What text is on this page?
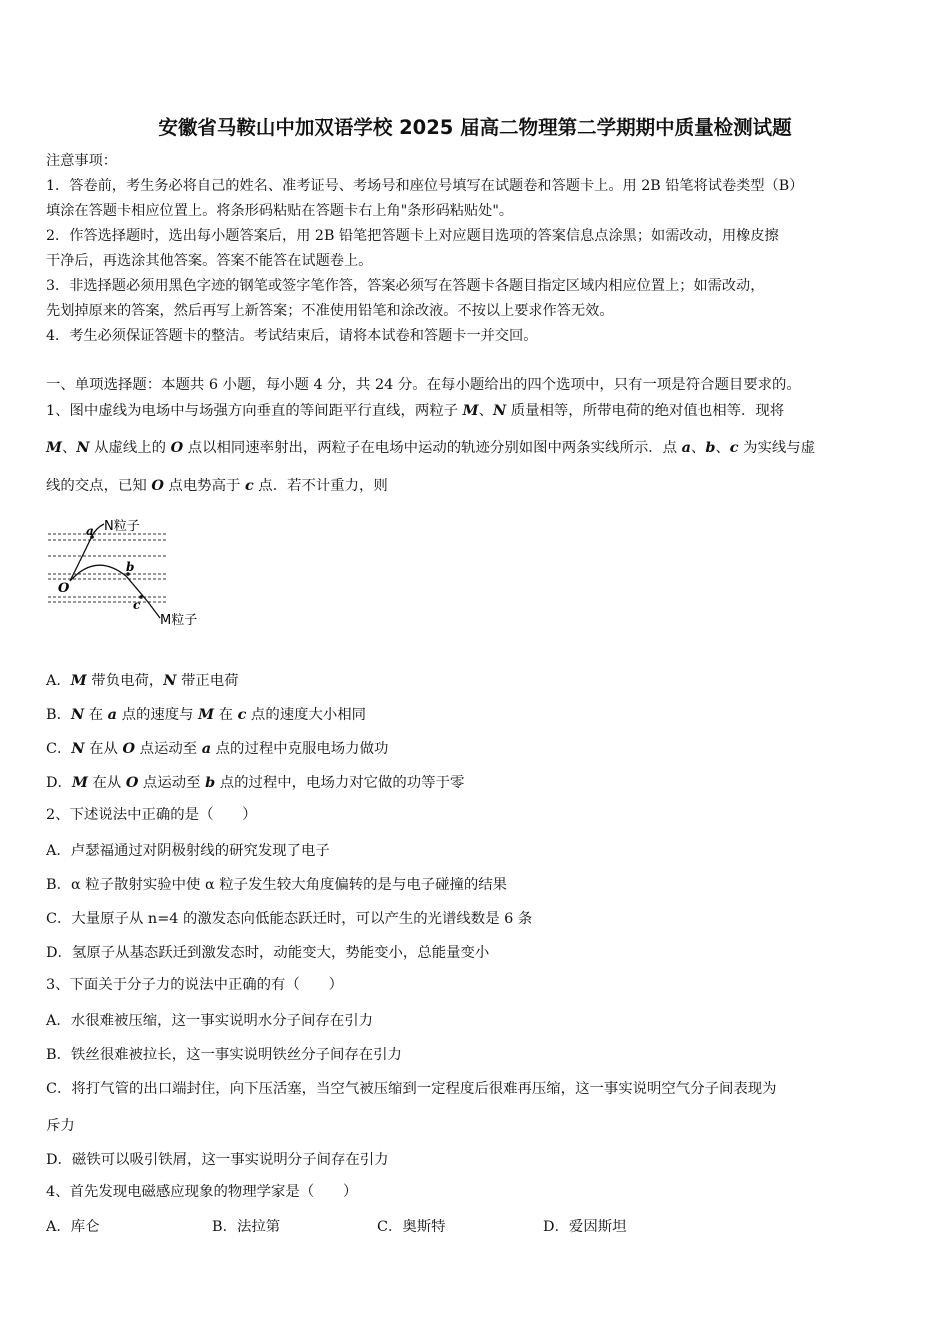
安徽省马鞍山中加双语学校 2025 届高二物理第二学期期中质量检测试题
注意事项：
1．答卷前，考生务必将自己的姓名、准考证号、考场号和座位号填写在试题卷和答题卡上。用 2B 铅笔将试卷类型（B）
填涂在答题卡相应位置上。将条形码粘贴在答题卡右上角"条形码粘贴处"。
2．作答选择题时，选出每小题答案后，用 2B 铅笔把答题卡上对应题目选项的答案信息点涂黑；如需改动，用橡皮擦
干净后，再选涂其他答案。答案不能答在试题卷上。
3．非选择题必须用黑色字迹的钢笔或签字笔作答，答案必须写在答题卡各题目指定区域内相应位置上；如需改动，
先划掉原来的答案，然后再写上新答案；不准使用铅笔和涂改液。不按以上要求作答无效。
4．考生必须保证答题卡的整洁。考试结束后，请将本试卷和答题卡一并交回。
一、单项选择题：本题共 6 小题，每小题 4 分，共 24 分。在每小题给出的四个选项中，只有一项是符合题目要求的。
1、图中虚线为电场中与场强方向垂直的等间距平行直线，两粒子 M、N 质量相等，所带电荷的绝对值也相等．现将
M、N 从虚线上的 O 点以相同速率射出，两粒子在电场中运动的轨迹分别如图中两条实线所示．点 a、b、c 为实线与虚
线的交点，已知 O 点电势高于 c 点．若不计重力，则
a
b
c
O
N粒子
M粒子
A．M 带负电荷，N 带正电荷
B．N 在 a 点的速度与 M 在 c 点的速度大小相同
C．N 在从 O 点运动至 a 点的过程中克服电场力做功
D．M 在从 O 点运动至 b 点的过程中，电场力对它做的功等于零
2、下述说法中正确的是（　　）
A．卢瑟福通过对阴极射线的研究发现了电子
B．α 粒子散射实验中使 α 粒子发生较大角度偏转的是与电子碰撞的结果
C．大量原子从 n=4 的激发态向低能态跃迁时，可以产生的光谱线数是 6 条
D．氢原子从基态跃迁到激发态时，动能变大，势能变小，总能量变小
3、下面关于分子力的说法中正确的有（　　）
A．水很难被压缩，这一事实说明水分子间存在引力
B．铁丝很难被拉长，这一事实说明铁丝分子间存在引力
C．将打气管的出口端封住，向下压活塞，当空气被压缩到一定程度后很难再压缩，这一事实说明空气分子间表现为
斥力
D．磁铁可以吸引铁屑，这一事实说明分子间存在引力
4、首先发现电磁感应现象的物理学家是（　　）
A．库仑	B．法拉第	C．奥斯特	D．爱因斯坦
